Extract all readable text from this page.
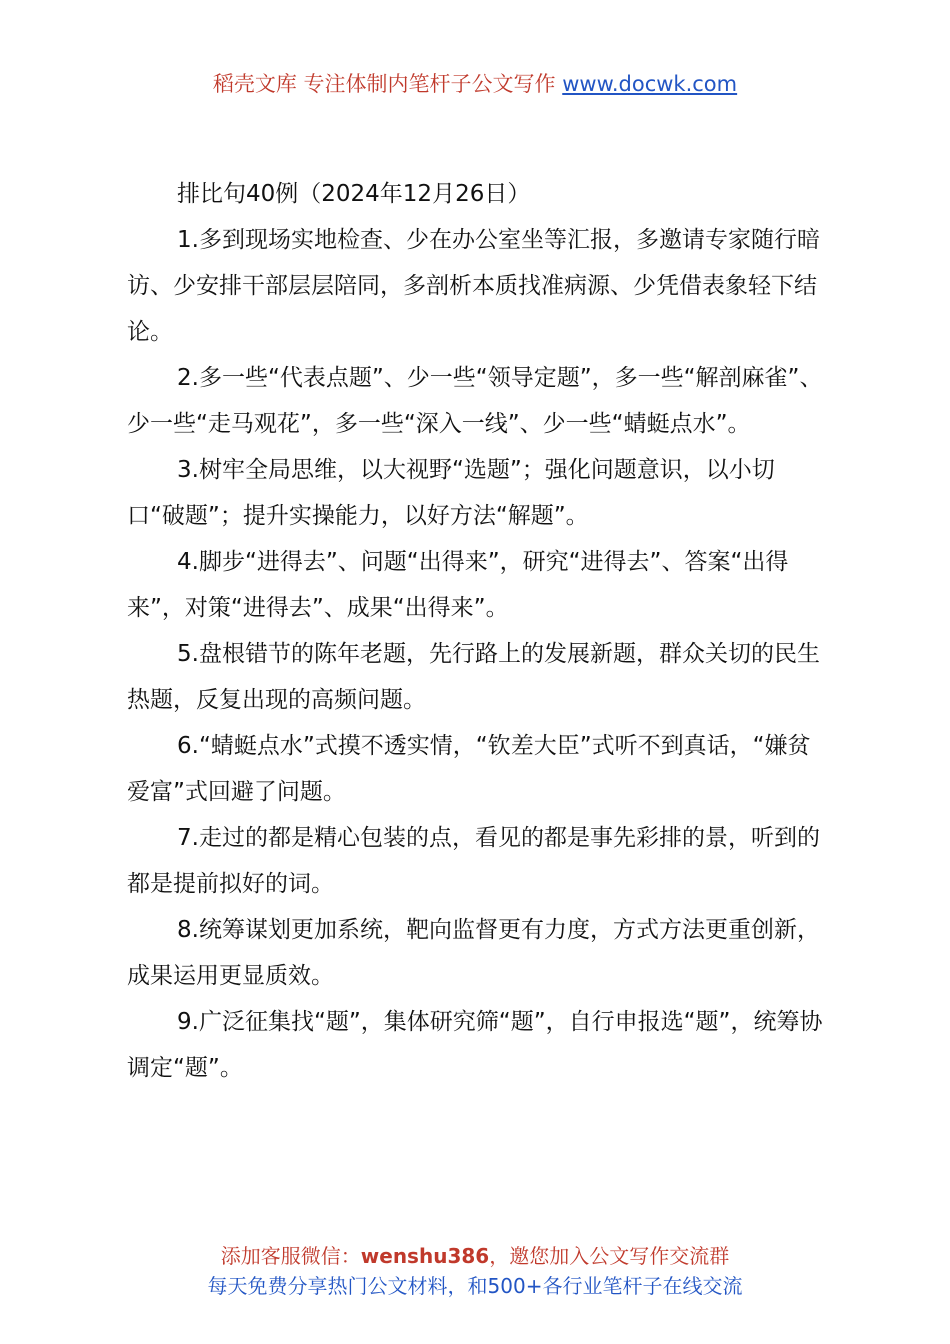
稻壳文库 专注体制内笔杆子公文写作 www.docwk.com

排比句40例（2024年12月26日）

1.多到现场实地检查、少在办公室坐等汇报，多邀请专家随行暗访、少安排干部层层陪同，多剖析本质找准病源、少凭借表象轻下结论。

2.多一些“代表点题”、少一些“领导定题”，多一些“解剖麻雀”、少一些“走马观花”，多一些“深入一线”、少一些“蜻蜓点水”。

3.树牢全局思维，以大视野“选题”；强化问题意识，以小切口“破题”；提升实操能力，以好方法“解题”。

4.脚步“进得去”、问题“出得来”，研究“进得去”、答案“出得来”，对策“进得去”、成果“出得来”。

5.盘根错节的陈年老题，先行路上的发展新题，群众关切的民生热题，反复出现的高频问题。

6.“蜻蜓点水”式摸不透实情，“钦差大臣”式听不到真话，“嫌贫爱富”式回避了问题。

7.走过的都是精心包装的点，看见的都是事先彩排的景，听到的都是提前拟好的词。

8.统筹谋划更加系统，靶向监督更有力度，方式方法更重创新，成果运用更显质效。

9.广泛征集找“题”，集体研究筛“题”，自行申报选“题”，统筹协调定“题”。

添加客服微信：wenshu386，邀您加入公文写作交流群
每天免费分享热门公文材料，和500+各行业笔杆子在线交流
